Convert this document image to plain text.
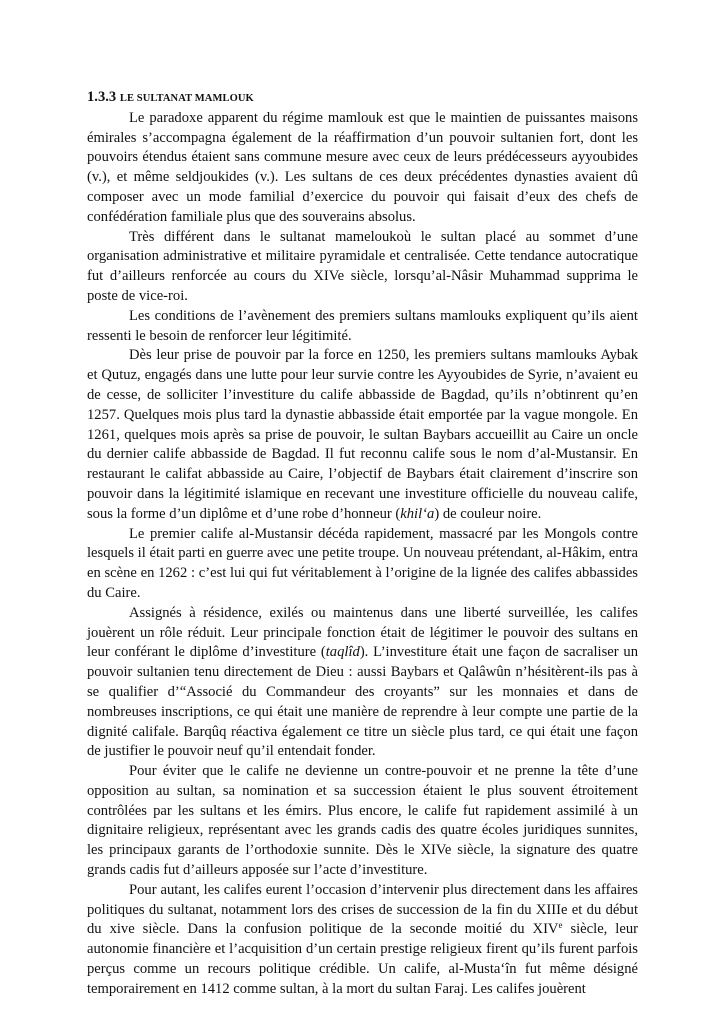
1.3.3 LE SULTANAT MAMLOUK

Le paradoxe apparent du régime mamlouk est que le maintien de puissantes maisons émirales s’accompagna également de la réaffirmation d’un pouvoir sultanien fort, dont les pouvoirs étendus étaient sans commune mesure avec ceux de leurs prédécesseurs ayyoubides (v.), et même seldjoukides (v.). Les sultans de ces deux précédentes dynasties avaient dû composer avec un mode familial d’exercice du pouvoir qui faisait d’eux des chefs de confédération familiale plus que des souverains absolus.

Très différent dans le sultanat mameloukoù le sultan placé au sommet d’une organisation administrative et militaire pyramidale et centralisée. Cette tendance autocratique fut d’ailleurs renforcée au cours du XIVe siècle, lorsqu’al-Nâsir Muhammad supprima le poste de vice-roi.

Les conditions de l’avènement des premiers sultans mamlouks expliquent qu’ils aient ressenti le besoin de renforcer leur légitimité.

Dès leur prise de pouvoir par la force en 1250, les premiers sultans mamlouks Aybak et Qutuz, engagés dans une lutte pour leur survie contre les Ayyoubides de Syrie, n’avaient eu de cesse, de solliciter l’investiture du calife abbasside de Bagdad, qu’ils n’obtinrent qu’en 1257. Quelques mois plus tard la dynastie abbasside était emportée par la vague mongole. En 1261, quelques mois après sa prise de pouvoir, le sultan Baybars accueillit au Caire un oncle du dernier calife abbasside de Bagdad. Il fut reconnu calife sous le nom d’al-Mustansir. En restaurant le califat abbasside au Caire, l’objectif de Baybars était clairement d’inscrire son pouvoir dans la légitimité islamique en recevant une investiture officielle du nouveau calife, sous la forme d’un diplôme et d’une robe d’honneur (khil‘a) de couleur noire.

Le premier calife al-Mustansir décéda rapidement, massacré par les Mongols contre lesquels il était parti en guerre avec une petite troupe. Un nouveau prétendant, al-Hâkim, entra en scène en 1262 : c’est lui qui fut véritablement à l’origine de la lignée des califes abbassides du Caire.

Assignés à résidence, exilés ou maintenus dans une liberté surveillée, les califes jouèrent un rôle réduit. Leur principale fonction était de légitimer le pouvoir des sultans en leur conférant le diplôme d’investiture (taqlîd). L’investiture était une façon de sacraliser un pouvoir sultanien tenu directement de Dieu : aussi Baybars et Qalâwûn n’hésitèrent-ils pas à se qualifier d’“Associé du Commandeur des croyants” sur les monnaies et dans de nombreuses inscriptions, ce qui était une manière de reprendre à leur compte une partie de la dignité califale. Barqûq réactiva également ce titre un siècle plus tard, ce qui était une façon de justifier le pouvoir neuf qu’il entendait fonder.

Pour éviter que le calife ne devienne un contre-pouvoir et ne prenne la tête d’une opposition au sultan, sa nomination et sa succession étaient le plus souvent étroitement contrôlées par les sultans et les émirs. Plus encore, le calife fut rapidement assimilé à un dignitaire religieux, représentant avec les grands cadis des quatre écoles juridiques sunnites, les principaux garants de l’orthodoxie sunnite. Dès le XIVe siècle, la signature des quatre grands cadis fut d’ailleurs apposée sur l’acte d’investiture.

Pour autant, les califes eurent l’occasion d’intervenir plus directement dans les affaires politiques du sultanat, notamment lors des crises de succession de la fin du XIIIe et du début du xive siècle. Dans la confusion politique de la seconde moitié du XIVe siècle, leur autonomie financière et l’acquisition d’un certain prestige religieux firent qu’ils furent parfois perçus comme un recours politique crédible. Un calife, al-Musta‘în fut même désigné temporairement en 1412 comme sultan, à la mort du sultan Faraj. Les califes jouèrent
